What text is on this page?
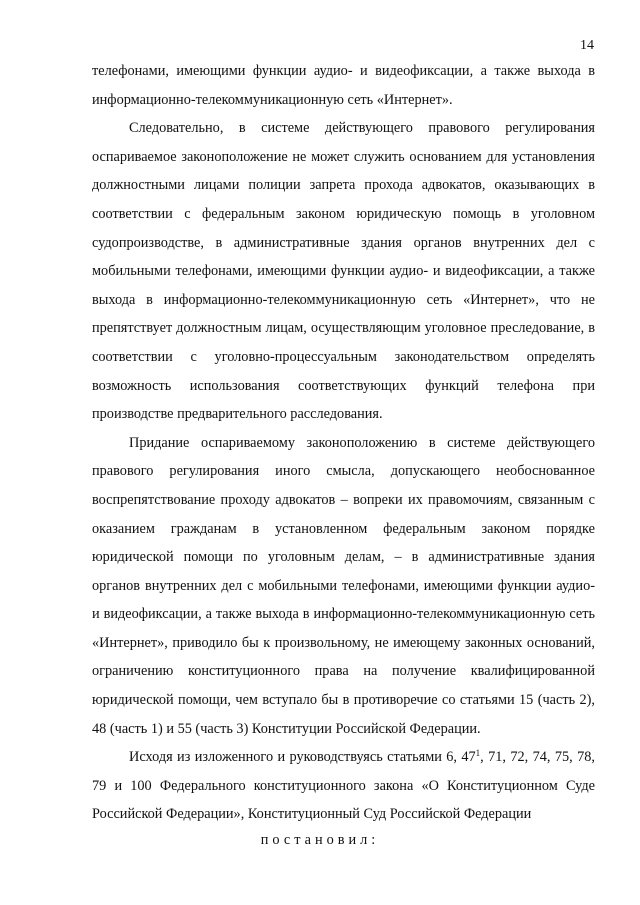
14

телефонами, имеющими функции аудио- и видеофиксации, а также выхода в информационно-телекоммуникационную сеть «Интернет».

Следовательно, в системе действующего правового регулирования оспариваемое законоположение не может служить основанием для установления должностными лицами полиции запрета прохода адвокатов, оказывающих в соответствии с федеральным законом юридическую помощь в уголовном судопроизводстве, в административные здания органов внутренних дел с мобильными телефонами, имеющими функции аудио- и видеофиксации, а также выхода в информационно-телекоммуникационную сеть «Интернет», что не препятствует должностным лицам, осуществляющим уголовное преследование, в соответствии с уголовно-процессуальным законодательством определять возможность использования соответствующих функций телефона при производстве предварительного расследования.

Придание оспариваемому законоположению в системе действующего правового регулирования иного смысла, допускающего необоснованное воспрепятствование проходу адвокатов – вопреки их правомочиям, связанным с оказанием гражданам в установленном федеральным законом порядке юридической помощи по уголовным делам, – в административные здания органов внутренних дел с мобильными телефонами, имеющими функции аудио- и видеофиксации, а также выхода в информационно-телекоммуникационную сеть «Интернет», приводило бы к произвольному, не имеющему законных оснований, ограничению конституционного права на получение квалифицированной юридической помощи, чем вступало бы в противоречие со статьями 15 (часть 2), 48 (часть 1) и 55 (часть 3) Конституции Российской Федерации.

Исходя из изложенного и руководствуясь статьями 6, $47^1$, 71, 72, 74, 75, 78, 79 и 100 Федерального конституционного закона «О Конституционном Суде Российской Федерации», Конституционный Суд Российской Федерации

постановил:
